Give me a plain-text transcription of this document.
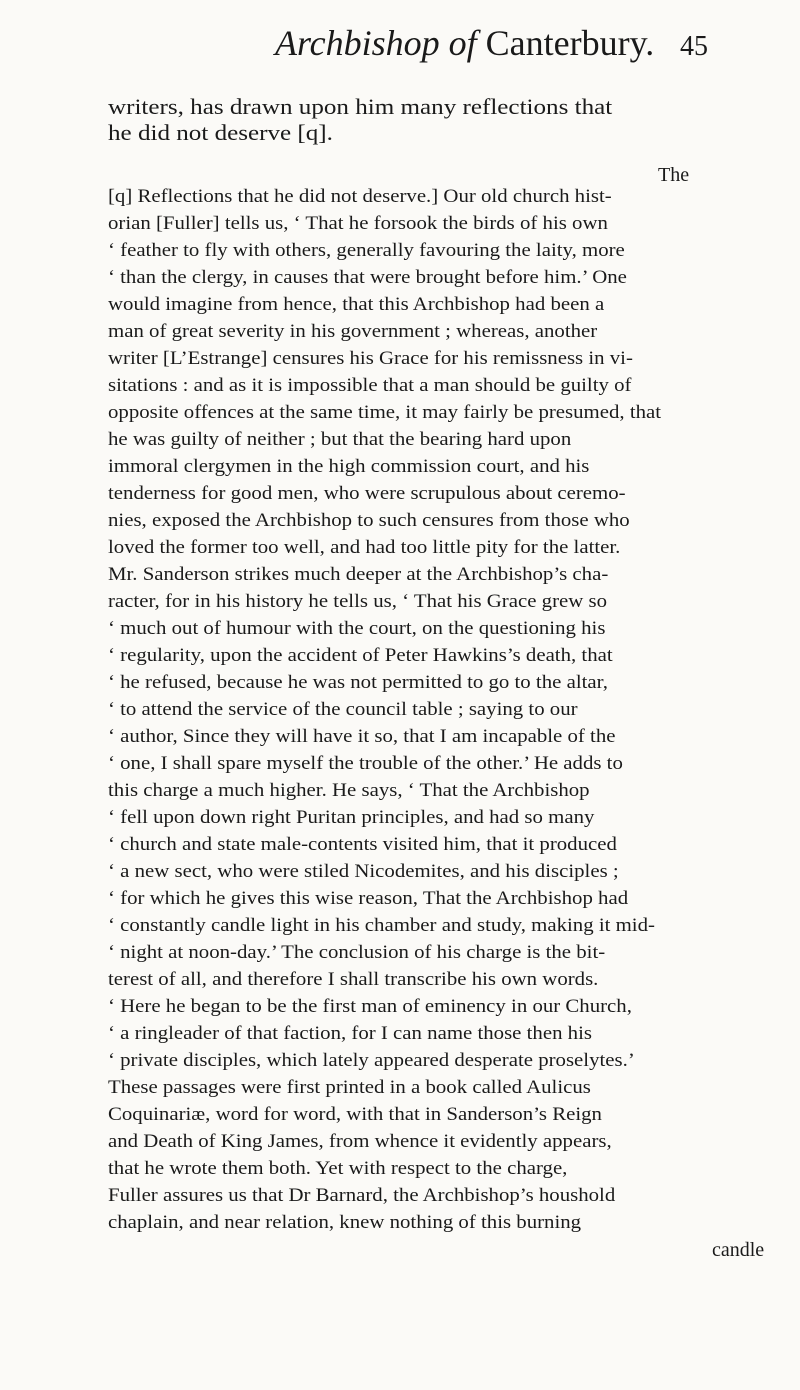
Archbishop of Canterbury. 45
writers, has drawn upon him many reflections that
he did not deserve [q].
The
[q] Reflections that he did not deserve.] Our old church hist-
orian [Fuller] tells us, ‘ That he forsook the birds of his own
‘ feather to fly with others, generally favouring the laity, more
‘ than the clergy, in causes that were brought before him.’ One
would imagine from hence, that this Archbishop had been a
man of great severity in his government ; whereas, another
writer [L’Estrange] censures his Grace for his remissness in vi-
sitations : and as it is impossible that a man should be guilty of
opposite offences at the same time, it may fairly be presumed, that
he was guilty of neither ; but that the bearing hard upon
immoral clergymen in the high commission court, and his
tenderness for good men, who were scrupulous about ceremo-
nies, exposed the Archbishop to such censures from those who
loved the former too well, and had too little pity for the latter.
Mr. Sanderson strikes much deeper at the Archbishop’s cha-
racter, for in his history he tells us, ‘ That his Grace grew so
‘ much out of humour with the court, on the questioning his
‘ regularity, upon the accident of Peter Hawkins’s death, that
‘ he refused, because he was not permitted to go to the altar,
‘ to attend the service of the council table ; saying to our
‘ author, Since they will have it so, that I am incapable of the
‘ one, I shall spare myself the trouble of the other.’ He adds to
this charge a much higher. He says, ‘ That the Archbishop
‘ fell upon down right Puritan principles, and had so many
‘ church and state male-contents visited him, that it produced
‘ a new sect, who were stiled Nicodemites, and his disciples ;
‘ for which he gives this wise reason, That the Archbishop had
‘ constantly candle light in his chamber and study, making it mid-
‘ night at noon-day.’ The conclusion of his charge is the bit-
terest of all, and therefore I shall transcribe his own words.
‘ Here he began to be the first man of eminency in our Church,
‘ a ringleader of that faction, for I can name those then his
‘ private disciples, which lately appeared desperate proselytes.’
These passages were first printed in a book called Aulicus
Coquinariæ, word for word, with that in Sanderson’s Reign
and Death of King James, from whence it evidently appears,
that he wrote them both. Yet with respect to the charge,
Fuller assures us that Dr Barnard, the Archbishop’s houshold
chaplain, and near relation, knew nothing of this burning
candle
